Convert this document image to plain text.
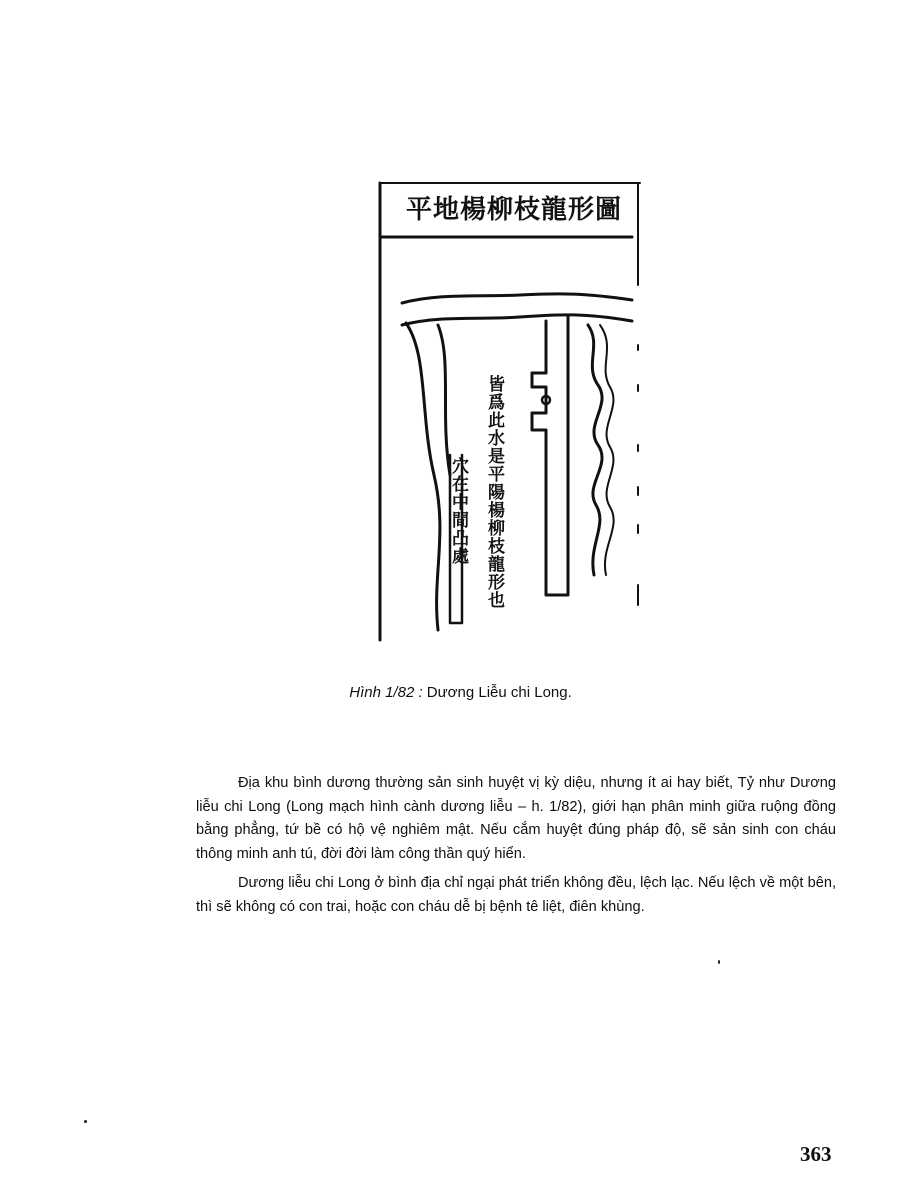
平地楊柳枝龍形圖
皆爲此水是平陽楊柳枝龍形也
穴在中間凸處
Hình 1/82 : Dương Liễu chi Long.

Địa khu bình dương thường sản sinh huyệt vị kỳ diệu, nhưng ít ai hay biết, Tỷ như Dương liễu chi Long (Long mạch hình cành dương liễu – h. 1/82), giới hạn phân minh giữa ruộng đồng bằng phẳng, tứ bề có hộ vệ nghiêm mật. Nếu cắm huyệt đúng pháp độ, sẽ sản sinh con cháu thông minh anh tú, đời đời làm công thần quý hiển.

Dương liễu chi Long ở bình địa chỉ ngại phát triển không đều, lệch lạc. Nếu lệch về một bên, thì sẽ không có con trai, hoặc con cháu dễ bị bệnh tê liệt, điên khùng.

363
